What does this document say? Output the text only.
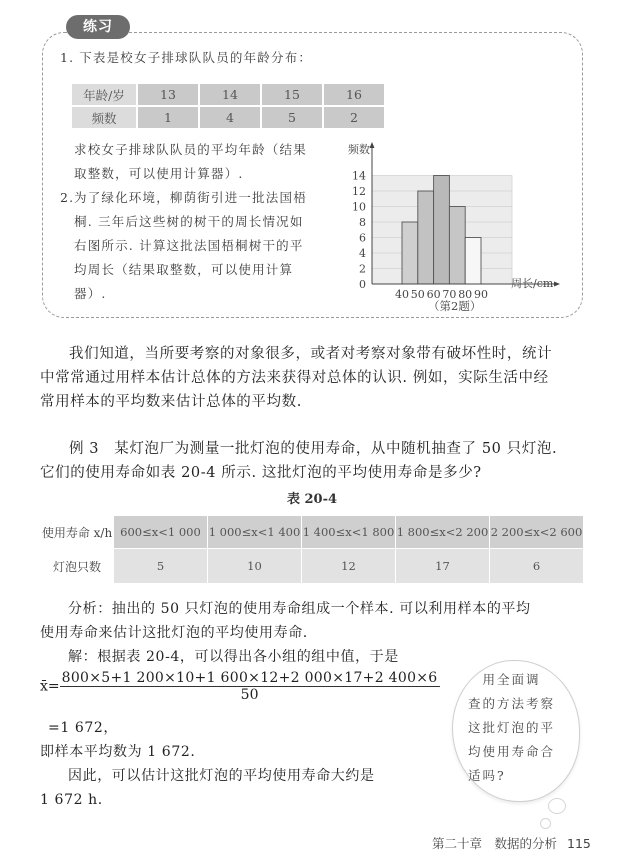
练习
1. 下表是校女子排球队队员的年龄分布：
年龄/岁	13	14	15	16
频数	1	4	5	2
求校女子排球队队员的平均年龄（结果
取整数，可以使用计算器）.
2. 为了绿化环境，柳荫街引进一批法国梧
桐. 三年后这些树的树干的周长情况如
右图所示. 计算这批法国梧桐树干的平
均周长（结果取整数，可以使用计算
器）.
频数
0
2
4
6
8
10
12
14
40 50 60 70 80 90
周长/cm
（第2题）
我们知道，当所要考察的对象很多，或者对考察对象带有破坏性时，统计
中常常通过用样本估计总体的方法来获得对总体的认识. 例如，实际生活中经
常用样本的平均数来估计总体的平均数.
例 3　某灯泡厂为测量一批灯泡的使用寿命，从中随机抽查了 50 只灯泡.
它们的使用寿命如表 20-4 所示. 这批灯泡的平均使用寿命是多少?
表 20-4
使用寿命 x/h	600≤x<1 000	1 000≤x<1 400	1 400≤x<1 800	1 800≤x<2 200	2 200≤x<2 600
灯泡只数	5	10	12	17	6
分析：抽出的 50 只灯泡的使用寿命组成一个样本. 可以利用样本的平均
使用寿命来估计这批灯泡的平均使用寿命.
解：根据表 20-4，可以得出各小组的组中值，于是
x̄= $\frac{800\times 5+1 200\times 10+1 600\times 12+2 000\times 17+2 400\times 6}{50}$
=1 672，
即样本平均数为 1 672.
因此，可以估计这批灯泡的平均使用寿命大约是
1 672 h.
　用全面调
查的方法考察
这批灯泡的平
均使用寿命合
适吗?
第二十章　数据的分析 115
